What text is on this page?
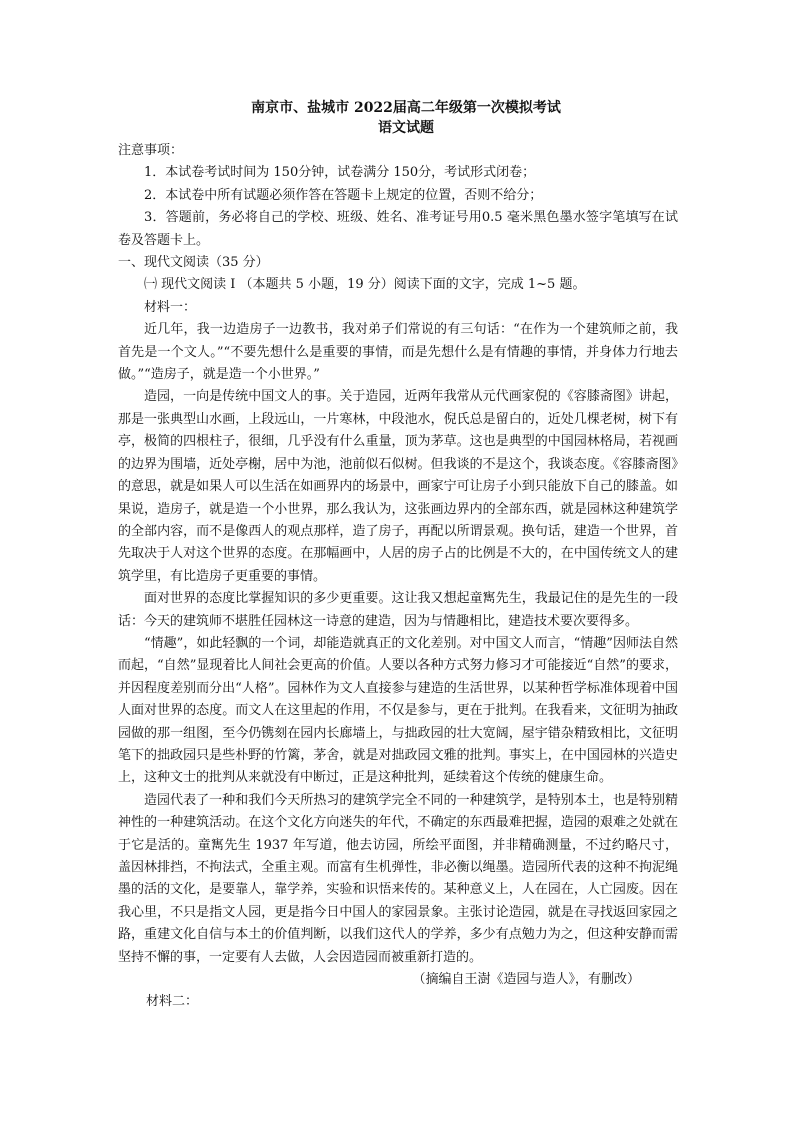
南京市、盐城市 2022届高二年级第一次模拟考试
语文试题

注意事项：

1．本试卷考试时间为 150分钟，试卷满分 150分，考试形式闭卷；

2．本试卷中所有试题必须作答在答题卡上规定的位置，否则不给分；

3．答题前，务必将自己的学校、班级、姓名、准考证号用0.5 毫米黑色墨水签字笔填写在试卷及答题卡上。

一、现代文阅读（35 分）

㈠ 现代文阅读 Ⅰ （本题共 5 小题，19 分）阅读下面的文字，完成 1~5 题。

材料一：

近几年，我一边造房子一边教书，我对弟子们常说的有三句话：“在作为一个建筑师之前，我首先是一个文人。”“不要先想什么是重要的事情，而是先想什么是有情趣的事情，并身体力行地去做。”“造房子，就是造一个小世界。”

造园，一向是传统中国文人的事。关于造园，近两年我常从元代画家倪的《容膝斋图》讲起，那是一张典型山水画，上段远山，一片寒林，中段池水，倪氏总是留白的，近处几棵老树，树下有亭，极简的四根柱子，很细，几乎没有什么重量，顶为茅草。这也是典型的中国园林格局，若视画的边界为围墙，近处亭榭，居中为池，池前似石似树。但我谈的不是这个，我谈态度。《容膝斋图》的意思，就是如果人可以生活在如画界内的场景中，画家宁可让房子小到只能放下自己的膝盖。如果说，造房子，就是造一个小世界，那么我认为，这张画边界内的全部东西，就是园林这种建筑学的全部内容，而不是像西人的观点那样，造了房子，再配以所谓景观。换句话，建造一个世界，首先取决于人对这个世界的态度。在那幅画中，人居的房子占的比例是不大的，在中国传统文人的建筑学里，有比造房子更重要的事情。

面对世界的态度比掌握知识的多少更重要。这让我又想起童寯先生，我最记住的是先生的一段话：今天的建筑师不堪胜任园林这一诗意的建造，因为与情趣相比，建造技术要次要得多。

“情趣”，如此轻飘的一个词，却能造就真正的文化差别。对中国文人而言，“情趣”因师法自然而起，“自然”显现着比人间社会更高的价值。人要以各种方式努力修习才可能接近“自然”的要求，并因程度差别而分出“人格”。园林作为文人直接参与建造的生活世界，以某种哲学标准体现着中国人面对世界的态度。而文人在这里起的作用，不仅是参与，更在于批判。在我看来，文征明为抽政园做的那一组图，至今仍镌刻在园内长廊墙上，与拙政园的壮大宽阔，屋宇错杂精致相比，文征明笔下的拙政园只是些朴野的竹篱，茅舍，就是对拙政园文雅的批判。事实上，在中国园林的兴造史上，这种文士的批判从来就没有中断过，正是这种批判，延续着这个传统的健康生命。

造园代表了一种和我们今天所热习的建筑学完全不同的一种建筑学，是特别本土，也是特别精神性的一种建筑活动。在这个文化方向迷失的年代，不确定的东西最难把握，造园的艰难之处就在于它是活的。童寯先生 1937 年写道，他去访园，所绘平面图，并非精确测量，不过约略尺寸，盖因林排挡，不拘法式，全重主观。而富有生机弹性，非必衡以绳墨。造园所代表的这种不拘泥绳墨的活的文化，是要靠人，靠学养，实验和识悟来传的。某种意义上，人在园在，人亡园废。因在我心里，不只是指文人园，更是指今日中国人的家园景象。主张讨论造园，就是在寻找返回家园之路，重建文化自信与本土的价值判断，以我们这代人的学养，多少有点勉力为之，但这种安静而需坚持不懈的事，一定要有人去做，人会因造园而被重新打造的。

（摘编自王澍《造园与造人》，有删改）

材料二：
